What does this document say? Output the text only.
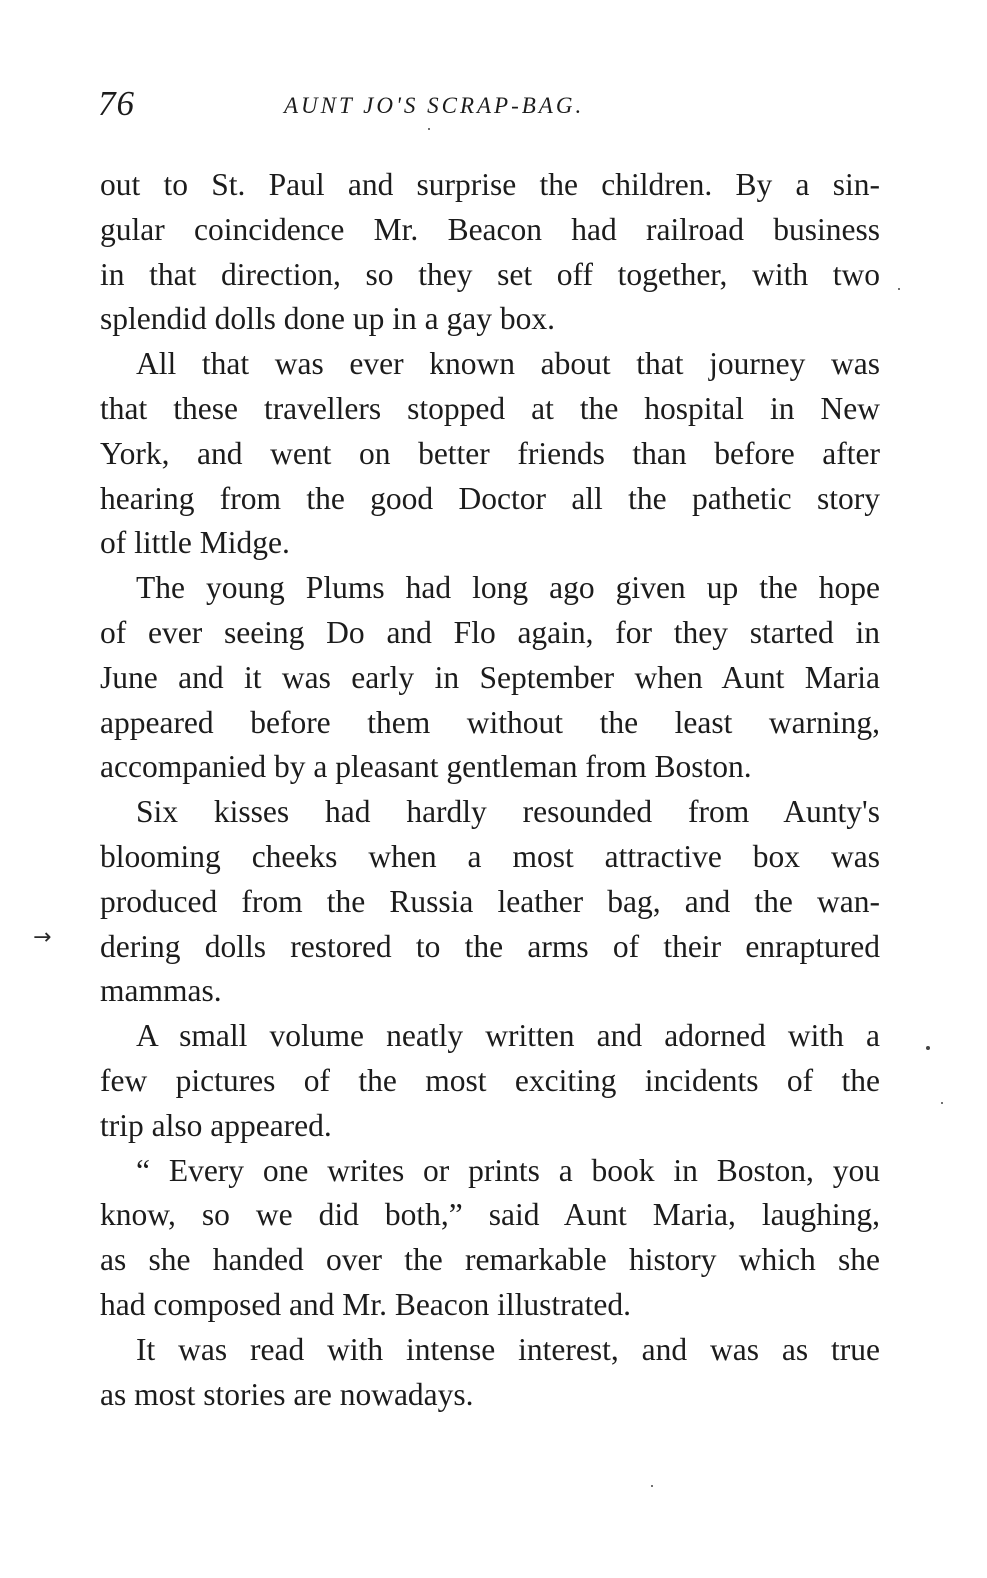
76	AUNT JO'S SCRAP-BAG.
out to St. Paul and surprise the children. By a sin-
gular coincidence Mr. Beacon had railroad business
in that direction, so they set off together, with two
splendid dolls done up in a gay box.
All that was ever known about that journey was
that these travellers stopped at the hospital in New
York, and went on better friends than before after
hearing from the good Doctor all the pathetic story
of little Midge.
The young Plums had long ago given up the hope
of ever seeing Do and Flo again, for they started in
June and it was early in September when Aunt Maria
appeared before them without the least warning,
accompanied by a pleasant gentleman from Boston.
Six kisses had hardly resounded from Aunty's
blooming cheeks when a most attractive box was
produced from the Russia leather bag, and the wan-
dering dolls restored to the arms of their enraptured
mammas.
A small volume neatly written and adorned with a
few pictures of the most exciting incidents of the
trip also appeared.
“ Every one writes or prints a book in Boston, you
know, so we did both,” said Aunt Maria, laughing,
as she handed over the remarkable history which she
had composed and Mr. Beacon illustrated.
It was read with intense interest, and was as true
as most stories are nowadays.
→
